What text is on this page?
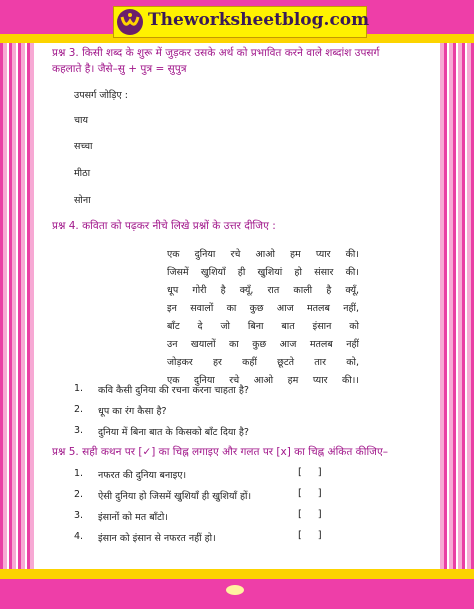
Theworksheetblog.com
प्रश्न 3. किसी शब्द के शुरू में जुड़कर उसके अर्थ को प्रभावित करने वाले शब्दांश उपसर्ग
कहलाते है। जैसे–सु + पुत्र = सुपुत्र
उपसर्ग जोड़िए :
चाय
सच्चा
मीठा
सोना
प्रश्न 4. कविता को पढ़कर नीचे लिखे प्रश्नों के उत्तर दीजिए :
एक दुनिया रचे आओ हम प्यार की।
जिसमें खुशियाँ ही खुशियां हो संसार की।
धूप गोरी है क्यूँ, रात काली है क्यूँ,
इन सवालों का कुछ आज मतलब नहीं,
बाँट दे जो बिना बात इंसान को
उन खयालों का कुछ आज मतलब नहीं
जोड़कर हर कहीं छूटते तार को,
एक दुनिया रचे आओ हम प्यार की।।
1. कवि कैसी दुनिया की रचना करना चाहता है?
2. धूप का रंग कैसा है?
3. दुनिया में बिना बात के किसको बाँट दिया है?
प्रश्न 5. सही कथन पर [✓] का चिह्न लगाइए और गलत पर [x] का चिह्न अंकित कीजिए–
1. नफरत की दुनिया बनाइए।	[     ]
2. ऐसी दुनिया हो जिसमें खुशियाँ ही खुशियाँ हों।	[     ]
3. इंसानों को मत बाँटो।	[     ]
4. इंसान को इंसान से नफरत नहीं हो।	[     ]
